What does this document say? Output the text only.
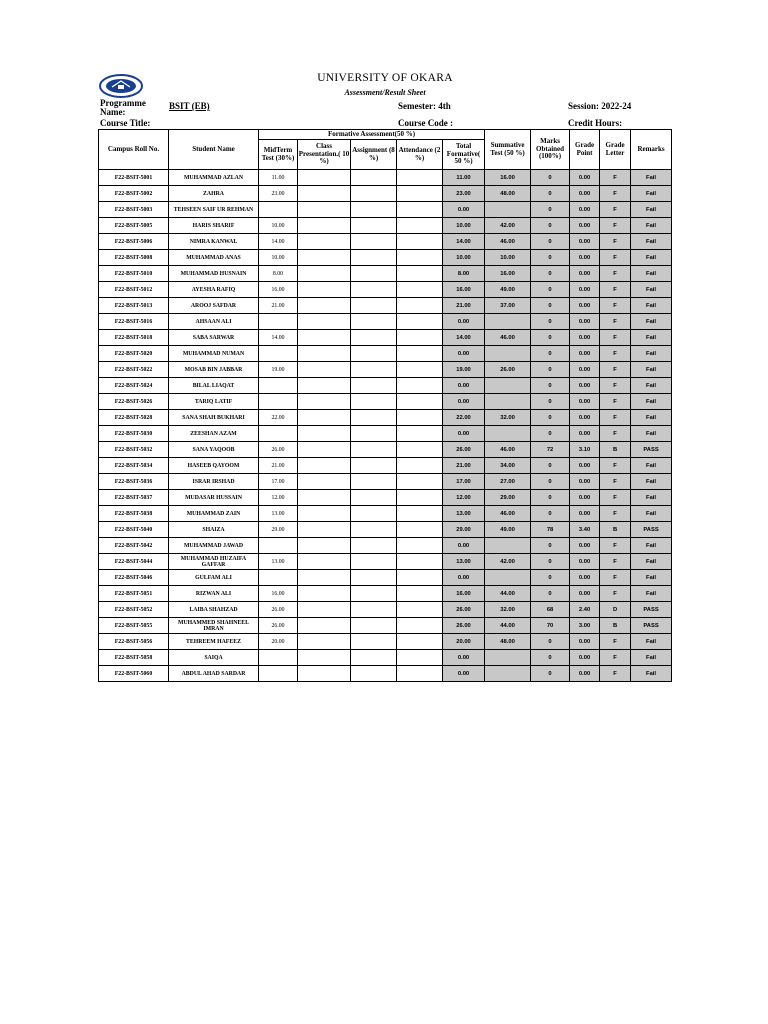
UNIVERSITY OF OKARA
Assessment/Result Sheet
Programme Name:
BSIT (EB)	Semester: 4th	Session: 2022-24
Course Title:	Course Code :	Credit Hours:
Campus Roll No.	Student Name	Formative Assessment(50 %)					Summative Test (50 %)	Marks Obtained (100%)	Grade Point	Grade Letter	Remarks
		MidTerm Test (30%)	Class Presentation.( 10 %)	Assignment (8 %)	Attendance (2 %)	Total Formative( 50 %)					
F22-BSIT-5001	MUHAMMAD AZLAN	11.00				11.00	16.00	0	0.00	F	Fail
F22-BSIT-5002	ZAHRA	23.00				23.00	48.00	0	0.00	F	Fail
F22-BSIT-5003	TEHSEEN SAIF UR REHMAN					0.00		0	0.00	F	Fail
F22-BSIT-5005	HARIS SHARIF	10.00				10.00	42.00	0	0.00	F	Fail
F22-BSIT-5006	NIMRA KANWAL	14.00				14.00	46.00	0	0.00	F	Fail
F22-BSIT-5008	MUHAMMAD ANAS	10.00				10.00	10.00	0	0.00	F	Fail
F22-BSIT-5010	MUHAMMAD HUSNAIN	8.00				8.00	16.00	0	0.00	F	Fail
F22-BSIT-5012	AYESHA RAFIQ	16.00				16.00	49.00	0	0.00	F	Fail
F22-BSIT-5013	AROOJ SAFDAR	21.00				21.00	37.00	0	0.00	F	Fail
F22-BSIT-5016	AHSAAN ALI					0.00		0	0.00	F	Fail
F22-BSIT-5018	SABA SARWAR	14.00				14.00	46.00	0	0.00	F	Fail
F22-BSIT-5020	MUHAMMAD NUMAN					0.00		0	0.00	F	Fail
F22-BSIT-5022	MOSAB BIN JABBAR	19.00				19.00	26.00	0	0.00	F	Fail
F22-BSIT-5024	BILAL LIAQAT					0.00		0	0.00	F	Fail
F22-BSIT-5026	TARIQ LATIF					0.00		0	0.00	F	Fail
F22-BSIT-5028	SANA SHAH BUKHARI	22.00				22.00	32.00	0	0.00	F	Fail
F22-BSIT-5030	ZEESHAN AZAM					0.00		0	0.00	F	Fail
F22-BSIT-5032	SANA YAQOOB	26.00				26.00	46.00	72	3.10	B	PASS
F22-BSIT-5034	HASEEB QAYOOM	21.00				21.00	34.00	0	0.00	F	Fail
F22-BSIT-5036	ISRAR IRSHAD	17.00				17.00	27.00	0	0.00	F	Fail
F22-BSIT-5037	MUDASAR HUSSAIN	12.00				12.00	29.00	0	0.00	F	Fail
F22-BSIT-5038	MUHAMMAD ZAIN	13.00				13.00	46.00	0	0.00	F	Fail
F22-BSIT-5040	SHAIZA	29.00				29.00	49.00	78	3.40	B	PASS
F22-BSIT-5042	MUHAMMAD JAWAD					0.00		0	0.00	F	Fail
F22-BSIT-5044	MUHAMMAD HUZAIFA GAFFAR	13.00				13.00	42.00	0	0.00	F	Fail
F22-BSIT-5046	GULFAM ALI					0.00		0	0.00	F	Fail
F22-BSIT-5051	RIZWAN ALI	16.00				16.00	44.00	0	0.00	F	Fail
F22-BSIT-5052	LAIBA SHAHZAD	26.00				26.00	32.00	68	2.40	D	PASS
F22-BSIT-5055	MUHAMMED SHAHNEEL IMRAN	26.00				26.00	44.00	70	3.00	B	PASS
F22-BSIT-5056	TEHREEM HAFEEZ	20.00				20.00	48.00	0	0.00	F	Fail
F22-BSIT-5058	SAIQA					0.00		0	0.00	F	Fail
F22-BSIT-5060	ABDUL AHAD SARDAR					0.00		0	0.00	F	Fail
